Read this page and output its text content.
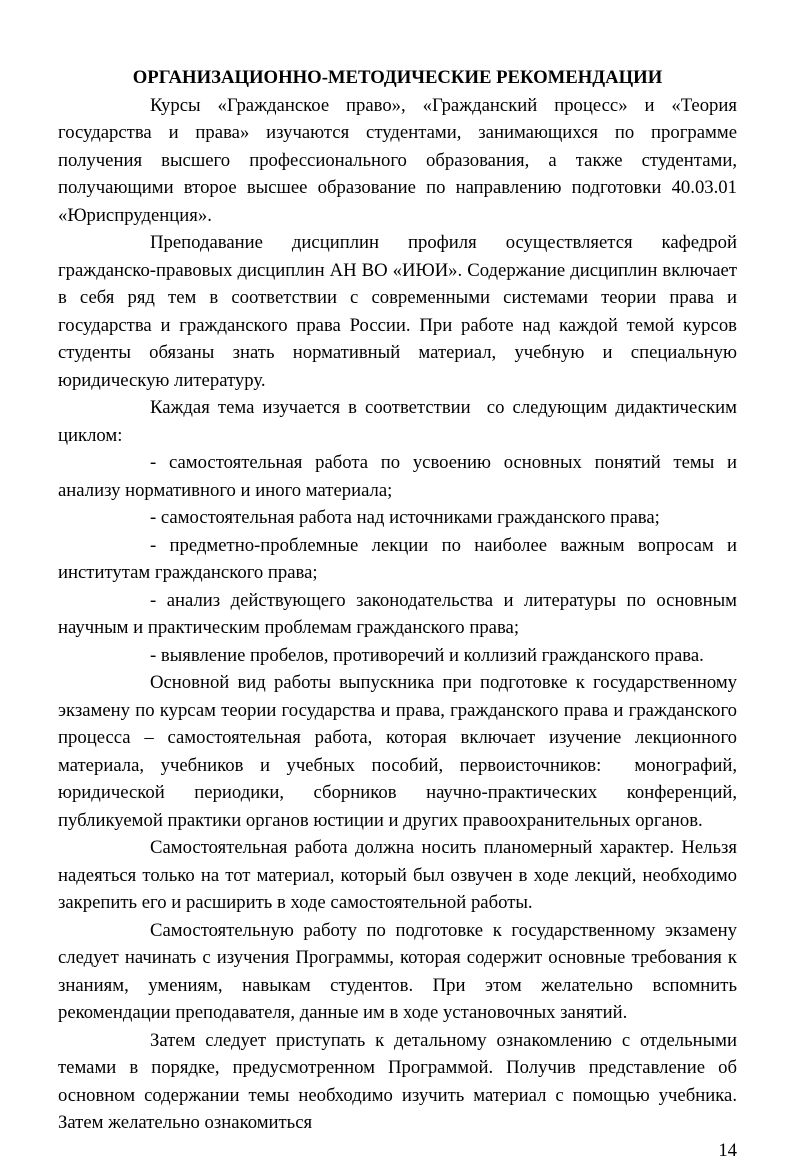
ОРГАНИЗАЦИОННО-МЕТОДИЧЕСКИЕ РЕКОМЕНДАЦИИ

Курсы «Гражданское право», «Гражданский процесс» и «Теория государства и права» изучаются студентами, занимающихся по программе получения высшего профессионального образования, а также студентами, получающими второе высшее образование по направлению подготовки 40.03.01 «Юриспруденция».

Преподавание дисциплин профиля осуществляется кафедрой гражданско-правовых дисциплин АН ВО «ИЮИ». Содержание дисциплин включает в себя ряд тем в соответствии с современными системами теории права и государства и гражданского права России. При работе над каждой темой курсов студенты обязаны знать нормативный материал, учебную и специальную юридическую литературу.

Каждая тема изучается в соответствии  со следующим дидактическим циклом:

- самостоятельная работа по усвоению основных понятий темы и анализу нормативного и иного материала;

- самостоятельная работа над источниками гражданского права;

- предметно-проблемные лекции по наиболее важным вопросам и институтам гражданского права;

- анализ действующего законодательства и литературы по основным научным и практическим проблемам гражданского права;

- выявление пробелов, противоречий и коллизий гражданского права.

Основной вид работы выпускника при подготовке к государственному экзамену по курсам теории государства и права, гражданского права и гражданского процесса – самостоятельная работа, которая включает изучение лекционного материала, учебников и учебных пособий, первоисточников:  монографий, юридической периодики, сборников научно-практических конференций, публикуемой практики органов юстиции и других правоохранительных органов.

Самостоятельная работа должна носить планомерный характер. Нельзя надеяться только на тот материал, который был озвучен в ходе лекций, необходимо закрепить его и расширить в ходе самостоятельной работы.

Самостоятельную работу по подготовке к государственному экзамену следует начинать с изучения Программы, которая содержит основные требования к знаниям, умениям, навыкам студентов. При этом желательно вспомнить рекомендации преподавателя, данные им в ходе установочных занятий.

Затем следует приступать к детальному ознакомлению с отдельными темами в порядке, предусмотренном Программой. Получив представление об основном содержании темы необходимо изучить материал с помощью учебника. Затем желательно ознакомиться

14
